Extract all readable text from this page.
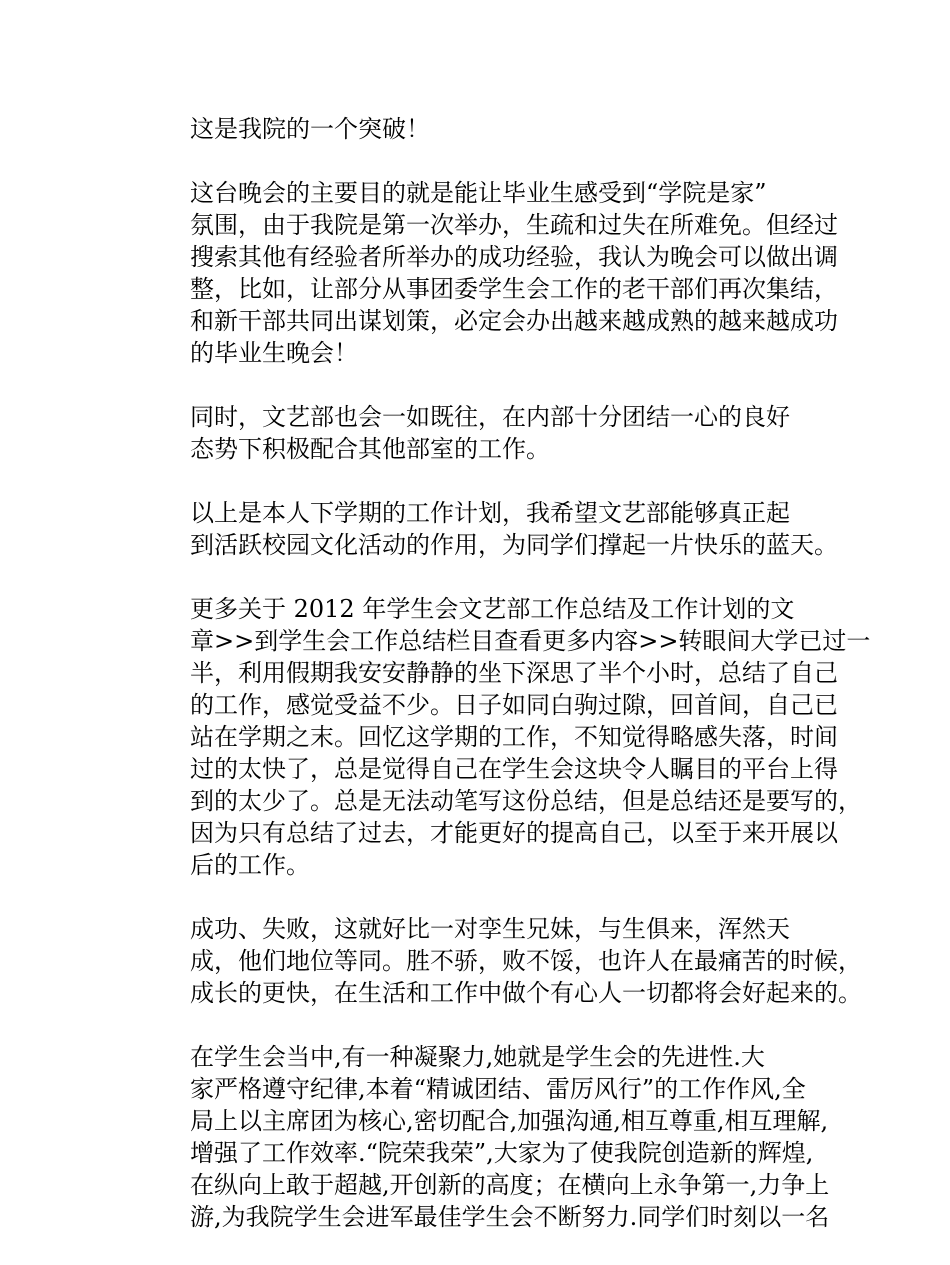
这是我院的一个突破！
这台晚会的主要目的就是能让毕业生感受到“学院是家”
氛围，由于我院是第一次举办，生疏和过失在所难免。但经过
搜索其他有经验者所举办的成功经验，我认为晚会可以做出调
整，比如，让部分从事团委学生会工作的老干部们再次集结，
和新干部共同出谋划策，必定会办出越来越成熟的越来越成功
的毕业生晚会！
同时，文艺部也会一如既往，在内部十分团结一心的良好
态势下积极配合其他部室的工作。
以上是本人下学期的工作计划，我希望文艺部能够真正起
到活跃校园文化活动的作用，为同学们撑起一片快乐的蓝天。
更多关于 2012 年学生会文艺部工作总结及工作计划的文
章>>到学生会工作总结栏目查看更多内容>>转眼间大学已过一
半，利用假期我安安静静的坐下深思了半个小时，总结了自己
的工作，感觉受益不少。日子如同白驹过隙，回首间，自己已
站在学期之末。回忆这学期的工作，不知觉得略感失落，时间
过的太快了，总是觉得自己在学生会这块令人瞩目的平台上得
到的太少了。总是无法动笔写这份总结，但是总结还是要写的，
因为只有总结了过去，才能更好的提高自己，以至于来开展以
后的工作。
成功、失败，这就好比一对孪生兄妹，与生俱来，浑然天
成，他们地位等同。胜不骄，败不馁，也许人在最痛苦的时候，
成长的更快，在生活和工作中做个有心人一切都将会好起来的。
在学生会当中,有一种凝聚力,她就是学生会的先进性.大
家严格遵守纪律,本着“精诚团结、雷厉风行”的工作作风,全
局上以主席团为核心,密切配合,加强沟通,相互尊重,相互理解,
增强了工作效率.“院荣我荣”,大家为了使我院创造新的辉煌,
在纵向上敢于超越,开创新的高度；在横向上永争第一,力争上
游,为我院学生会进军最佳学生会不断努力.同学们时刻以一名
